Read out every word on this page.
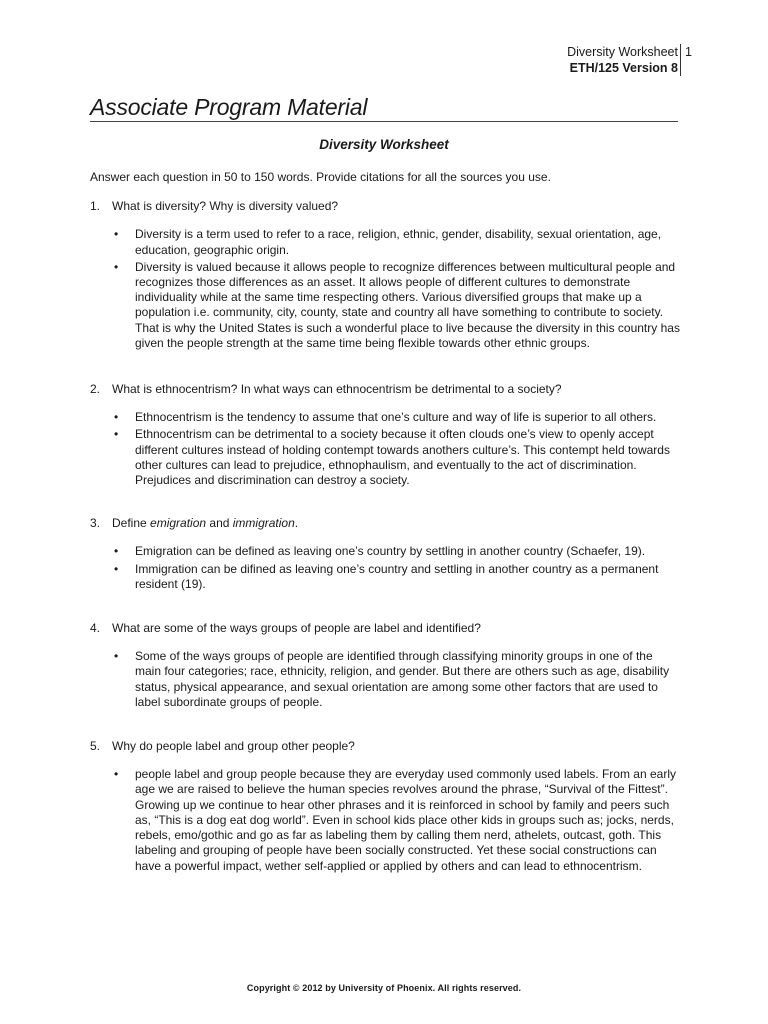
Diversity Worksheet
ETH/125 Version 8
1
Associate Program Material
Diversity Worksheet

Answer each question in 50 to 150 words. Provide citations for all the sources you use.

1. What is diversity? Why is diversity valued?

• Diversity is a term used to refer to a race, religion, ethnic, gender, disability, sexual orientation, age, education, geographic origin.
• Diversity is valued because it allows people to recognize differences between multicultural people and recognizes those differences as an asset. It allows people of different cultures to demonstrate individuality while at the same time respecting others. Various diversified groups that make up a population i.e. community, city, county, state and country all have something to contribute to society. That is why the United States is such a wonderful place to live because the diversity in this country has given the people strength at the same time being flexible towards other ethnic groups.

2. What is ethnocentrism? In what ways can ethnocentrism be detrimental to a society?

• Ethnocentrism is the tendency to assume that one’s culture and way of life is superior to all others.
• Ethnocentrism can be detrimental to a society because it often clouds one’s view to openly accept different cultures instead of holding contempt towards anothers culture’s. This contempt held towards other cultures can lead to prejudice, ethnophaulism, and eventually to the act of discrimination. Prejudices and discrimination can destroy a society.

3. Define emigration and immigration.

• Emigration can be defined as leaving one’s country by settling in another country (Schaefer, 19).
• Immigration can be difined as leaving one’s country and settling in another country as a permanent resident (19).

4. What are some of the ways groups of people are label and identified?

• Some of the ways groups of people are identified through classifying minority groups in one of the main four categories; race, ethnicity, religion, and gender. But there are others such as age, disability status, physical appearance, and sexual orientation are among some other factors that are used to label subordinate groups of people.

5. Why do people label and group other people?

• people label and group people because they are everyday used commonly used labels. From an early age we are raised to believe the human species revolves around the phrase, “Survival of the Fittest”. Growing up we continue to hear other phrases and it is reinforced in school by family and peers such as, “This is a dog eat dog world”. Even in school kids place other kids in groups such as; jocks, nerds, rebels, emo/gothic and go as far as labeling them by calling them nerd, athelets, outcast, goth. This labeling and grouping of people have been socially constructed. Yet these social constructions can have a powerful impact, wether self-applied or applied by others and can lead to ethnocentrism.
Copyright © 2012 by University of Phoenix. All rights reserved.
